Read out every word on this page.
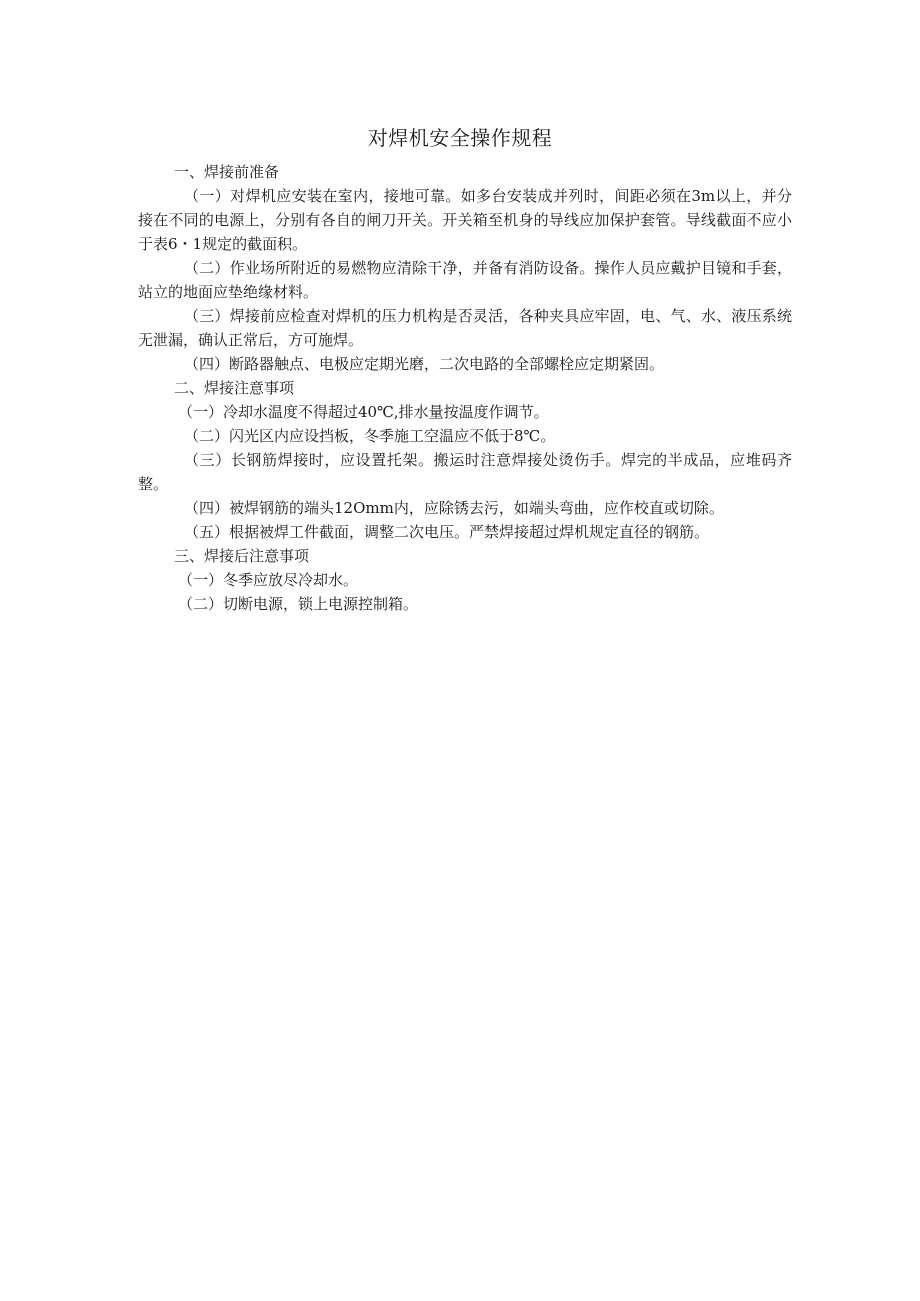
对焊机安全操作规程

一、焊接前准备

（一）对焊机应安装在室内，接地可靠。如多台安装成并列时，间距必须在3m以上，并分接在不同的电源上，分别有各自的闸刀开关。开关箱至机身的导线应加保护套管。导线截面不应小于表6・1规定的截面积。

（二）作业场所附近的易燃物应清除干净，并备有消防设备。操作人员应戴护目镜和手套，站立的地面应垫绝缘材料。

（三）焊接前应检查对焊机的压力机构是否灵活，各种夹具应牢固，电、气、水、液压系统无泄漏，确认正常后，方可施焊。

（四）断路器触点、电极应定期光磨，二次电路的全部螺栓应定期紧固。

二、焊接注意事项

（一）冷却水温度不得超过40℃,排水量按温度作调节。

（二）闪光区内应设挡板，冬季施工空温应不低于8℃。

（三）长钢筋焊接时，应设置托架。搬运时注意焊接处烫伤手。焊完的半成品，应堆码齐整。

（四）被焊钢筋的端头12Omm内，应除锈去污，如端头弯曲，应作校直或切除。

（五）根据被焊工件截面，调整二次电压。严禁焊接超过焊机规定直径的钢筋。

三、焊接后注意事项

（一）冬季应放尽冷却水。

（二）切断电源，锁上电源控制箱。
